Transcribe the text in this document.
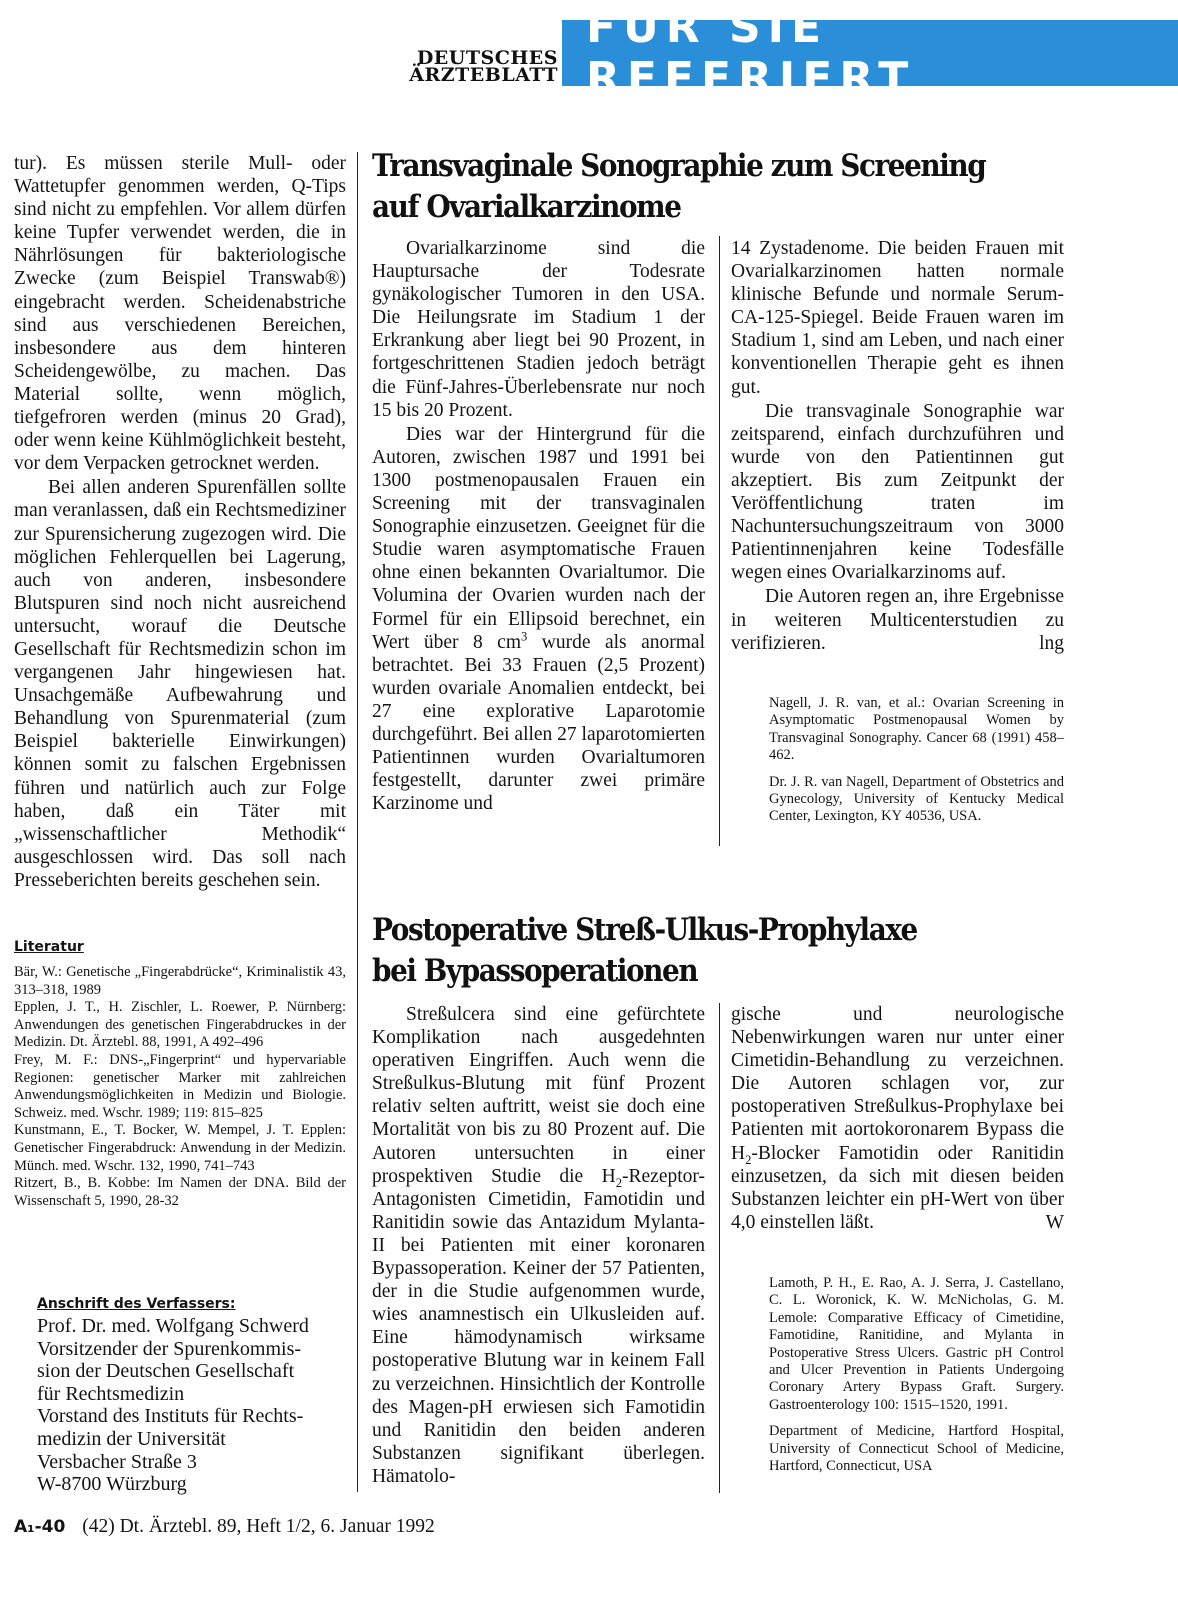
DEUTSCHES
ÄRZTEBLATT
FÜR SIE REFERIERT

tur). Es müssen sterile Mull- oder Wattetupfer genommen werden, Q-Tips sind nicht zu empfehlen. Vor allem dürfen keine Tupfer verwendet werden, die in Nährlösungen für bakteriologische Zwecke (zum Beispiel Transwab®) eingebracht werden. Scheidenabstriche sind aus verschiedenen Bereichen, insbesondere aus dem hinteren Scheidengewölbe, zu machen. Das Material sollte, wenn möglich, tiefgefroren werden (minus 20 Grad), oder wenn keine Kühlmöglichkeit besteht, vor dem Verpacken getrocknet werden.

Bei allen anderen Spurenfällen sollte man veranlassen, daß ein Rechtsmediziner zur Spurensicherung zugezogen wird. Die möglichen Fehlerquellen bei Lagerung, auch von anderen, insbesondere Blutspuren sind noch nicht ausreichend untersucht, worauf die Deutsche Gesellschaft für Rechtsmedizin schon im vergangenen Jahr hingewiesen hat. Unsachgemäße Aufbewahrung und Behandlung von Spurenmaterial (zum Beispiel bakterielle Einwirkungen) können somit zu falschen Ergebnissen führen und natürlich auch zur Folge haben, daß ein Täter mit „wissenschaftlicher Methodik“ ausgeschlossen wird. Das soll nach Presseberichten bereits geschehen sein.

Literatur

Bär, W.: Genetische „Fingerabdrücke“, Kriminalistik 43, 313–318, 1989

Epplen, J. T., H. Zischler, L. Roewer, P. Nürnberg: Anwendungen des genetischen Fingerabdruckes in der Medizin. Dt. Ärztebl. 88, 1991, A 492–496

Frey, M. F.: DNS-„Fingerprint“ und hypervariable Regionen: genetischer Marker mit zahlreichen Anwendungsmöglichkeiten in Medizin und Biologie. Schweiz. med. Wschr. 1989; 119: 815–825

Kunstmann, E., T. Bocker, W. Mempel, J. T. Epplen: Genetischer Fingerabdruck: Anwendung in der Medizin. Münch. med. Wschr. 132, 1990, 741–743

Ritzert, B., B. Kobbe: Im Namen der DNA. Bild der Wissenschaft 5, 1990, 28-32

Anschrift des Verfassers:
Prof. Dr. med. Wolfgang Schwerd
Vorsitzender der Spurenkommis-
sion der Deutschen Gesellschaft
für Rechtsmedizin
Vorstand des Instituts für Rechts-
medizin der Universität
Versbacher Straße 3
W-8700 Würzburg
Transvaginale Sonographie zum Screening
auf Ovarialkarzinome

Ovarialkarzinome sind die Hauptursache der Todesrate gynäkologischer Tumoren in den USA. Die Heilungsrate im Stadium 1 der Erkrankung aber liegt bei 90 Prozent, in fortgeschrittenen Stadien jedoch beträgt die Fünf-Jahres-Überlebensrate nur noch 15 bis 20 Prozent.

Dies war der Hintergrund für die Autoren, zwischen 1987 und 1991 bei 1300 postmenopausalen Frauen ein Screening mit der transvaginalen Sonographie einzusetzen. Geeignet für die Studie waren asymptomatische Frauen ohne einen bekannten Ovarialtumor. Die Volumina der Ovarien wurden nach der Formel für ein Ellipsoid berechnet, ein Wert über 8 $cm^3$ wurde als anormal betrachtet. Bei 33 Frauen (2,5 Prozent) wurden ovariale Anomalien entdeckt, bei 27 eine explorative Laparotomie durchgeführt. Bei allen 27 laparotomierten Patientinnen wurden Ovarialtumoren festgestellt, darunter zwei primäre Karzinome und

14 Zystadenome. Die beiden Frauen mit Ovarialkarzinomen hatten normale klinische Befunde und normale Serum-CA-125-Spiegel. Beide Frauen waren im Stadium 1, sind am Leben, und nach einer konventionellen Therapie geht es ihnen gut.

Die transvaginale Sonographie war zeitsparend, einfach durchzuführen und wurde von den Patientinnen gut akzeptiert. Bis zum Zeitpunkt der Veröffentlichung traten im Nachuntersuchungszeitraum von 3000 Patientinnenjahren keine Todesfälle wegen eines Ovarialkarzinoms auf.

Die Autoren regen an, ihre Ergebnisse in weiteren Multicenterstudien zu verifizieren.	lng

Nagell, J. R. van, et al.: Ovarian Screening in Asymptomatic Postmenopausal Women by Transvaginal Sonography. Cancer 68 (1991) 458–462.

Dr. J. R. van Nagell, Department of Obstetrics and Gynecology, University of Kentucky Medical Center, Lexington, KY 40536, USA.

Postoperative Streß-Ulkus-Prophylaxe
bei Bypassoperationen

Streßulcera sind eine gefürchtete Komplikation nach ausgedehnten operativen Eingriffen. Auch wenn die Streßulkus-Blutung mit fünf Prozent relativ selten auftritt, weist sie doch eine Mortalität von bis zu 80 Prozent auf. Die Autoren untersuchten in einer prospektiven Studie die $H_2-Rezeptor$-Antagonisten Cimetidin, Famotidin und Ranitidin sowie das Antazidum Mylanta-II bei Patienten mit einer koronaren Bypassoperation. Keiner der 57 Patienten, der in die Studie aufgenommen wurde, wies anamnestisch ein Ulkusleiden auf. Eine hämodynamisch wirksame postoperative Blutung war in keinem Fall zu verzeichnen. Hinsichtlich der Kontrolle des Magen-pH erwiesen sich Famotidin und Ranitidin den beiden anderen Substanzen signifikant überlegen. Hämatolo-

gische und neurologische Nebenwirkungen waren nur unter einer Cimetidin-Behandlung zu verzeichnen. Die Autoren schlagen vor, zur postoperativen Streßulkus-Prophylaxe bei Patienten mit aortokoronarem Bypass die $H_2$-Blocker Famotidin oder Ranitidin einzusetzen, da sich mit diesen beiden Substanzen leichter ein pH-Wert von über 4,0 einstellen läßt.	W

Lamoth, P. H., E. Rao, A. J. Serra, J. Castellano, C. L. Woronick, K. W. McNicholas, G. M. Lemole: Comparative Efficacy of Cimetidine, Famotidine, Ranitidine, and Mylanta in Postoperative Stress Ulcers. Gastric pH Control and Ulcer Prevention in Patients Undergoing Coronary Artery Bypass Graft. Surgery. Gastroenterology 100: 1515–1520, 1991.

Department of Medicine, Hartford Hospital, University of Connecticut School of Medicine, Hartford, Connecticut, USA

A₁-40 (42) Dt. Ärztebl. 89, Heft 1/2, 6. Januar 1992
